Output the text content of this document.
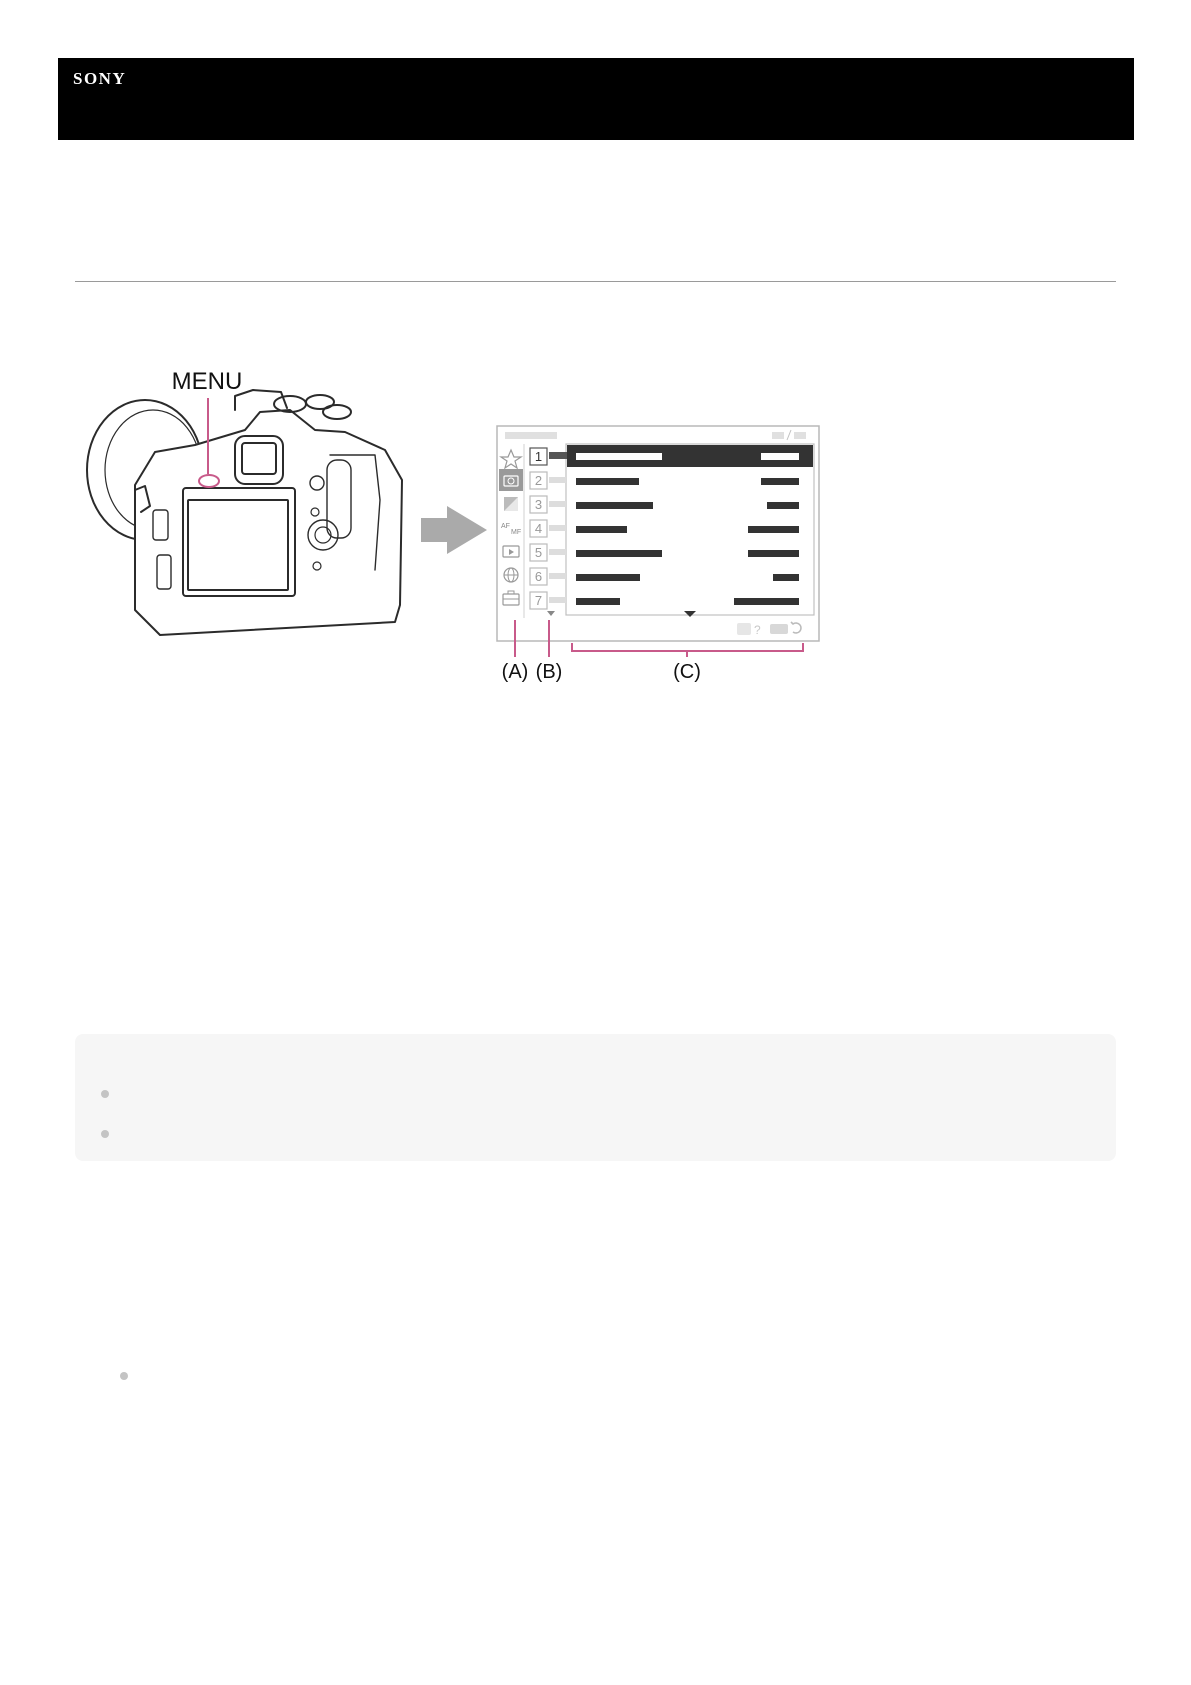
SONY
MENU
?
AF
MF
1
2
3
4
5
6
7
(A) (B)	(C)
